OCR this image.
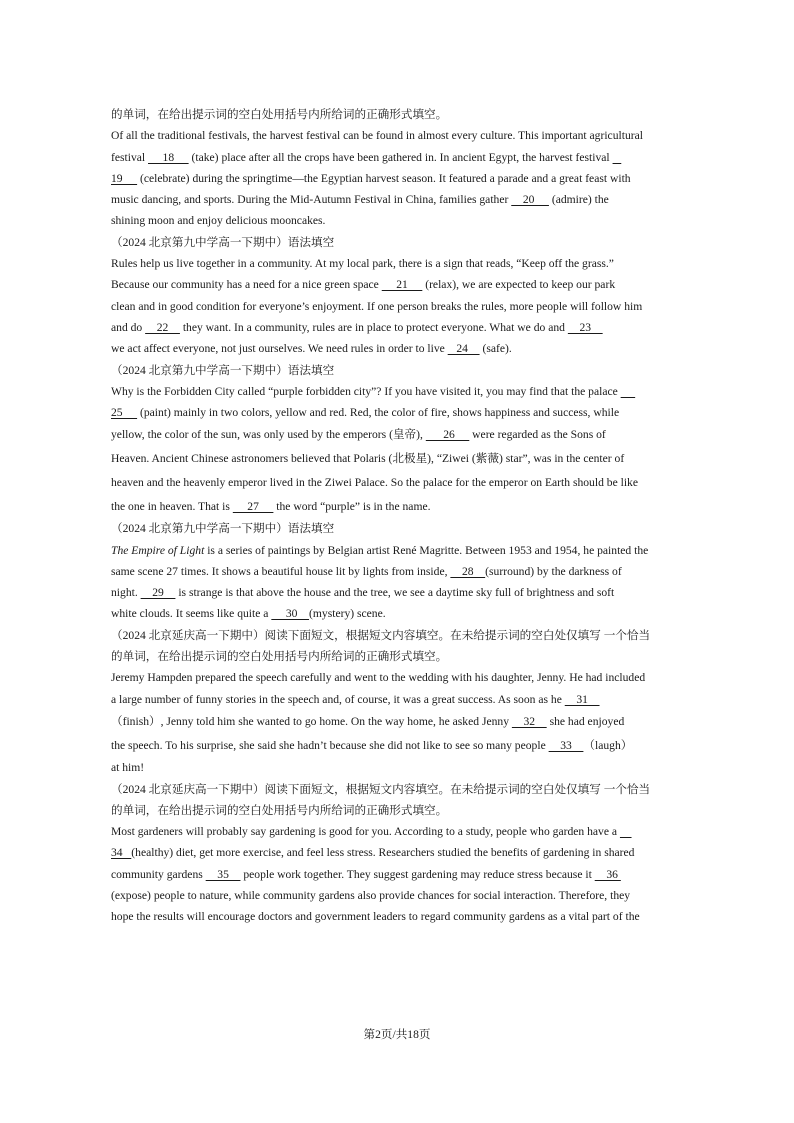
的单词，在给出提示词的空白处用括号内所给词的正确形式填空。
Of all the traditional festivals, the harvest festival can be found in almost every culture. This important agricultural
festival      18      (take) place after all the crops have been gathered in. In ancient Egypt, the harvest festival
19      (celebrate) during the springtime—the Egyptian harvest season. It featured a parade and a great feast with
music dancing, and sports. During the Mid-Autumn Festival in China, families gather     20      (admire) the
shining moon and enjoy delicious mooncakes.
（2024 北京第九中学高一下期中）语法填空
Rules help us live together in a community. At my local park, there is a sign that reads, “Keep off the grass.”
Because our community has a need for a nice green space      21      (relax), we are expected to keep our park
clean and in good condition for everyone’s enjoyment. If one person breaks the rules, more people will follow him
and do     22     they want. In a community, rules are in place to protect everyone. What we do and     23
we act affect everyone, not just ourselves. We need rules in order to live    24     (safe).
（2024 北京第九中学高一下期中）语法填空
Why is the Forbidden City called “purple forbidden city”? If you have visited it, you may find that the palace
25      (paint) mainly in two colors, yellow and red. Red, the color of fire, shows happiness and success, while
yellow, the color of the sun, was only used by the emperors (皇帝),       26      were regarded as the Sons of
Heaven. Ancient Chinese astronomers believed that Polaris (北极星), “Ziwei (紫薇) star”, was in the center of
heaven and the heavenly emperor lived in the Ziwei Palace. So the palace for the emperor on Earth should be like
the one in heaven. That is      27      the word “purple” is in the name.
（2024 北京第九中学高一下期中）语法填空
The Empire of Light is a series of paintings by Belgian artist René Magritte. Between 1953 and 1954, he painted the
same scene 27 times. It shows a beautiful house lit by lights from inside,     28    (surround) by the darkness of
night.     29     is strange is that above the house and the tree, we see a daytime sky full of brightness and soft
white clouds. It seems like quite a      30    (mystery) scene.
（2024 北京延庆高一下期中）阅读下面短文，根据短文内容填空。在未给提示词的空白处仅填写 一个恰当
的单词，在给出提示词的空白处用括号内所给词的正确形式填空。
Jeremy Hampden prepared the speech carefully and went to the wedding with his daughter, Jenny. He had included
a large number of funny stories in the speech and, of course, it was a great success. As soon as he     31
（finish）, Jenny told him she wanted to go home. On the way home, he asked Jenny     32     she had enjoyed
the speech. To his surprise, she said she hadn’t because she did not like to see so many people     33    （laugh）
at him!
（2024 北京延庆高一下期中）阅读下面短文，根据短文内容填空。在未给提示词的空白处仅填写 一个恰当
的单词，在给出提示词的空白处用括号内所给词的正确形式填空。
Most gardeners will probably say gardening is good for you. According to a study, people who garden have a
34   (healthy) diet, get more exercise, and feel less stress. Researchers studied the benefits of gardening in shared
community gardens     35     people work together. They suggest gardening may reduce stress because it     36
(expose) people to nature, while community gardens also provide chances for social interaction. Therefore, they
hope the results will encourage doctors and government leaders to regard community gardens as a vital part of the
第2页/共18页
